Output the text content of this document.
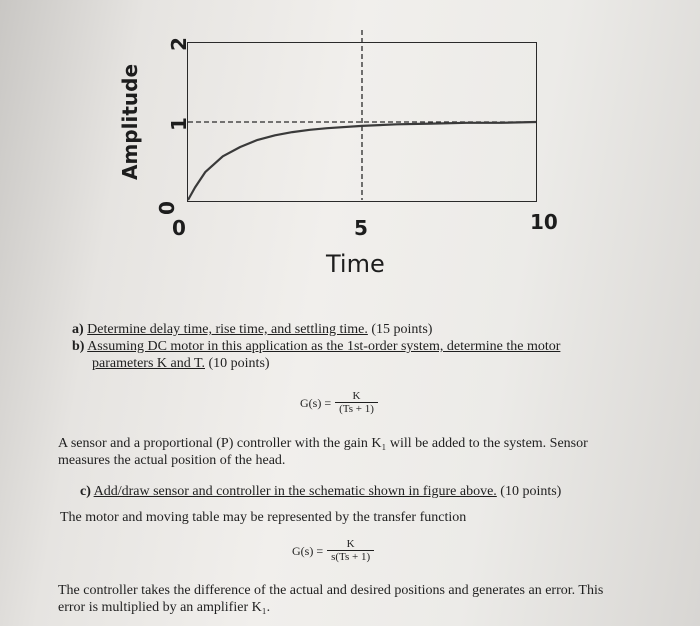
Amplitude
2
1
0
0	5	10
Time
a) Determine delay time, rise time, and settling time. (15 points)
b) Assuming DC motor in this application as the 1st-order system, determine the motor
parameters K and T. (10 points)
$G(s) = \frac{K}{(Ts + 1)}$
A sensor and a proportional (P) controller with the gain K₁ will be added to the system. Sensor
measures the actual position of the head.
c) Add/draw sensor and controller in the schematic shown in figure above. (10 points)
The motor and moving table may be represented by the transfer function
$G(s) = \frac{K}{s(Ts + 1)}$
The controller takes the difference of the actual and desired positions and generates an error. This
error is multiplied by an amplifier K₁.
